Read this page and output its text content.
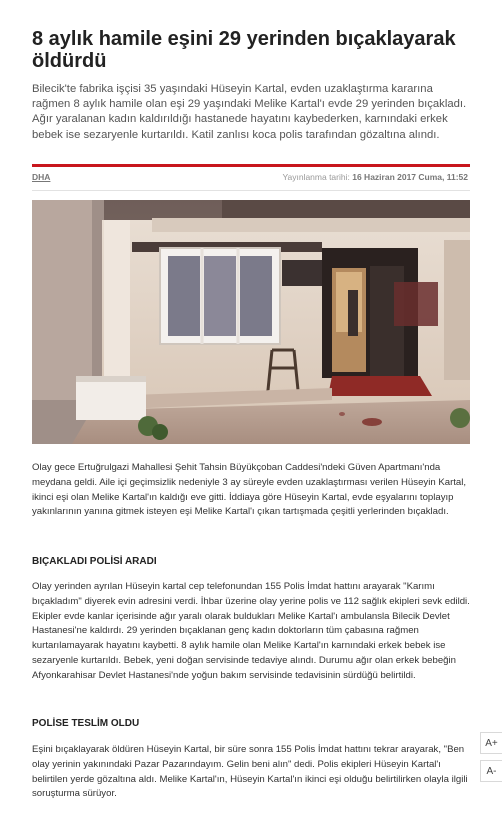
8 aylık hamile eşini 29 yerinden bıçaklayarak öldürdü

Bilecik'te fabrika işçisi 35 yaşındaki Hüseyin Kartal, evden uzaklaştırma kararına rağmen 8 aylık hamile olan eşi 29 yaşındaki Melike Kartal'ı evde 29 yerinden bıçakladı. Ağır yaralanan kadın kaldırıldığı hastanede hayatını kaybederken, karnındaki erkek bebek ise sezaryenle kurtarıldı. Katil zanlısı koca polis tarafından gözaltına alındı.

DHA	Yayınlanma tarihi: 16 Haziran 2017 Cuma, 11:52

Olay gece Ertuğrulgazi Mahallesi Şehit Tahsin Büyükçoban Caddesi'ndeki Güven Apartmanı'nda meydana geldi. Aile içi geçimsizlik nedeniyle 3 ay süreyle evden uzaklaştırması verilen Hüseyin Kartal, ikinci eşi olan Melike Kartal'ın kaldığı eve gitti. İddiaya göre Hüseyin Kartal, evde eşyalarını toplayıp yakınlarının yanına gitmek isteyen eşi Melike Kartal'ı çıkan tartışmada çeşitli yerlerinden bıçakladı.

BIÇAKLADI POLİSİ ARADI

Olay yerinden ayrılan Hüseyin kartal cep telefonundan 155 Polis İmdat hattını arayarak "Karımı bıçakladım" diyerek evin adresini verdi. İhbar üzerine olay yerine polis ve 112 sağlık ekipleri sevk edildi. Ekipler evde kanlar içerisinde ağır yaralı olarak buldukları Melike Kartal'ı ambulansla Bilecik Devlet Hastanesi'ne kaldırdı. 29 yerinden bıçaklanan genç kadın doktorların tüm çabasına rağmen kurtarılamayarak hayatını kaybetti. 8 aylık hamile olan Melike Kartal'ın karnındaki erkek bebek ise sezaryenle kurtarıldı. Bebek, yeni doğan servisinde tedaviye alındı. Durumu ağır olan erkek bebeğin Afyonkarahisar Devlet Hastanesi'nde yoğun bakım servisinde tedavisinin sürdüğü belirtildi.

POLİSE TESLİM OLDU

Eşini bıçaklayarak öldüren Hüseyin Kartal, bir süre sonra 155 Polis İmdat hattını tekrar arayarak, "Ben olay yerinin yakınındaki Pazar Pazarındayım. Gelin beni alın" dedi. Polis ekipleri Hüseyin Kartal'ı belirtilen yerde gözaltına aldı. Melike Kartal'ın, Hüseyin Kartal'ın ikinci eşi olduğu belirtilirken olayla ilgili soruşturma sürüyor.

A+
A-
